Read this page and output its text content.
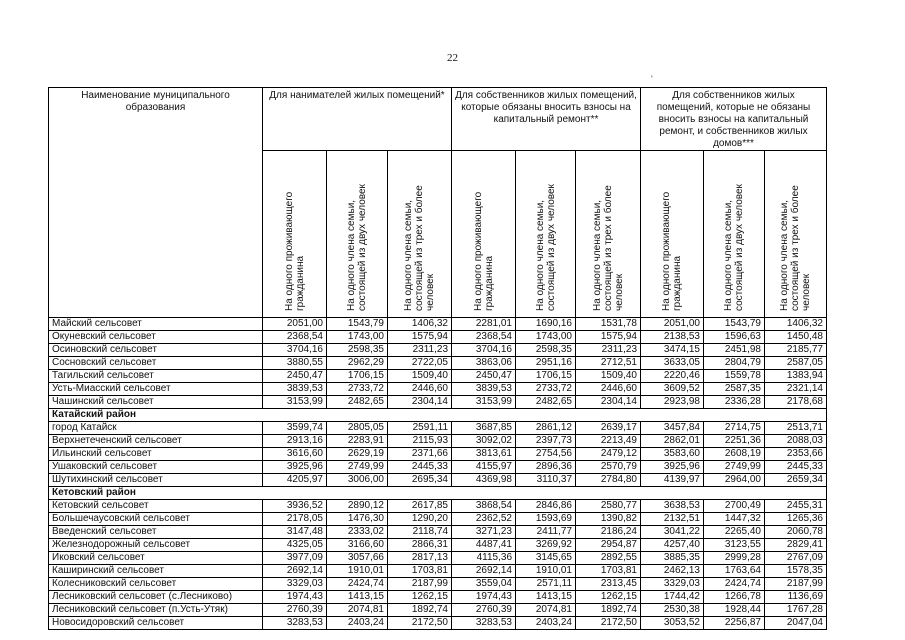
22
'
Наименование муниципального образования	Для нанимателей жилых помещений*			Для собственников жилых помещений, которые обязаны вносить взносы на капитальный ремонт**			Для собственников жилых помещений, которые не обязаны вносить взносы на капитальный ремонт, и собственников жилых домов***		

	На одного проживающего гражданина	На одного члена семьи, состоящей из двух человек	На одного члена семьи, состоящей из трех и более человек	На одного проживающего гражданина	На одного члена семьи, состоящей из двух человек	На одного члена семьи, состоящей из трех и более человек	На одного проживающего гражданина	На одного члена семьи, состоящей из двух человек	На одного члена семьи, состоящей из трех и более человек

Майский сельсовет	2051,00	1543,79	1406,32	2281,01	1690,16	1531,78	2051,00	1543,79	1406,32
Окуневский сельсовет	2368,54	1743,00	1575,94	2368,54	1743,00	1575,94	2138,53	1596,63	1450,48
Осиновский сельсовет	3704,16	2598,35	2311,23	3704,16	2598,35	2311,23	3474,15	2451,98	2185,77
Сосновский сельсовет	3880,55	2962,29	2722,05	3863,06	2951,16	2712,51	3633,05	2804,79	2587,05
Тагильский сельсовет	2450,47	1706,15	1509,40	2450,47	1706,15	1509,40	2220,46	1559,78	1383,94
Усть-Миасский сельсовет	3839,53	2733,72	2446,60	3839,53	2733,72	2446,60	3609,52	2587,35	2321,14
Чашинский сельсовет	3153,99	2482,65	2304,14	3153,99	2482,65	2304,14	2923,98	2336,28	2178,68
Катайский район									
город Катайск	3599,74	2805,05	2591,11	3687,85	2861,12	2639,17	3457,84	2714,75	2513,71
Верхнетеченский сельсовет	2913,16	2283,91	2115,93	3092,02	2397,73	2213,49	2862,01	2251,36	2088,03
Ильинский сельсовет	3616,60	2629,19	2371,66	3813,61	2754,56	2479,12	3583,60	2608,19	2353,66
Ушаковский сельсовет	3925,96	2749,99	2445,33	4155,97	2896,36	2570,79	3925,96	2749,99	2445,33
Шутихинский сельсовет	4205,97	3006,00	2695,34	4369,98	3110,37	2784,80	4139,97	2964,00	2659,34
Кетовский район									
Кетовский сельсовет	3936,52	2890,12	2617,85	3868,54	2846,86	2580,77	3638,53	2700,49	2455,31
Большечаусовский сельсовет	2178,05	1476,30	1290,20	2362,52	1593,69	1390,82	2132,51	1447,32	1265,36
Введенский сельсовет	3147,48	2333,02	2118,74	3271,23	2411,77	2186,24	3041,22	2265,40	2060,78
Железнодорожный сельсовет	4325,05	3166,60	2866,31	4487,41	3269,92	2954,87	4257,40	3123,55	2829,41
Иковский сельсовет	3977,09	3057,66	2817,13	4115,36	3145,65	2892,55	3885,35	2999,28	2767,09
Каширинский сельсовет	2692,14	1910,01	1703,81	2692,14	1910,01	1703,81	2462,13	1763,64	1578,35
Колесниковский сельсовет	3329,03	2424,74	2187,99	3559,04	2571,11	2313,45	3329,03	2424,74	2187,99
Лесниковский сельсовет (с.Лесниково)	1974,43	1413,15	1262,15	1974,43	1413,15	1262,15	1744,42	1266,78	1136,69
Лесниковский сельсовет (п.Усть-Утяк)	2760,39	2074,81	1892,74	2760,39	2074,81	1892,74	2530,38	1928,44	1767,28
Новосидоровский сельсовет	3283,53	2403,24	2172,50	3283,53	2403,24	2172,50	3053,52	2256,87	2047,04
